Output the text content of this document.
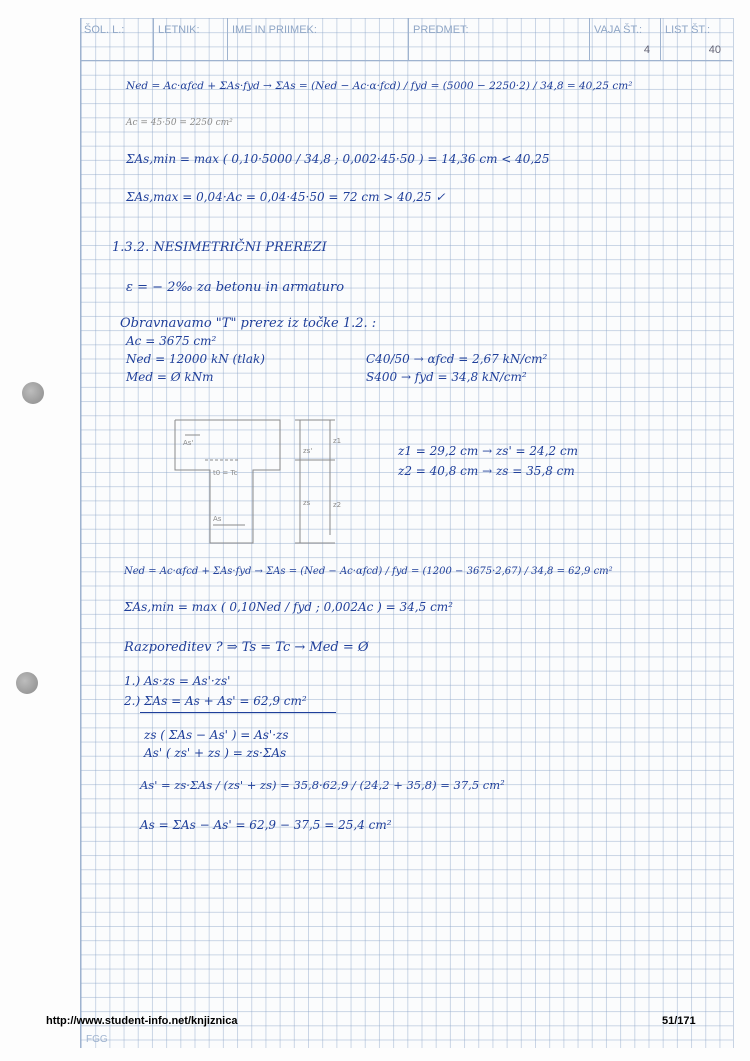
ŠOL. L.:	LETNIK:	IME IN PRIIMEK:	PREDMET:	VAJA ŠT.:
4
LIST ŠT.:
40
Ned = Ac·αfcd + ΣAs·fyd → ΣAs = (Ned − Ac·α·fcd) / fyd = (5000 − 2250·2) / 34,8 = 40,25 cm²
Ac = 45·50 = 2250 cm²
ΣAs,min = max ( 0,10·5000 / 34,8 ; 0,002·45·50 ) = 14,36 cm < 40,25
ΣAs,max = 0,04·Ac = 0,04·45·50 = 72 cm > 40,25 ✓
1.3.2. NESIMETRIČNI PREREZI
ε = − 2‰ za betonu in armaturo
Obravnavamo "T" prerez iz točke 1.2. :
Ac = 3675 cm²
Ned = 12000 kN (tlak)	C40/50 → αfcd = 2,67 kN/cm²
Med = Ø kNm	S400 → fyd = 34,8 kN/cm²
As'
t0 = Tc
As
z1
zs'
z2
zs
z1 = 29,2 cm → zs' = 24,2 cm
z2 = 40,8 cm → zs = 35,8 cm
Ned = Ac·αfcd + ΣAs·fyd → ΣAs = (Ned − Ac·αfcd) / fyd = (1200 − 3675·2,67) / 34,8 = 62,9 cm²
ΣAs,min = max ( 0,10Ned / fyd ; 0,002Ac ) = 34,5 cm²
Razporeditev ? ⇒ Ts = Tc → Med = Ø
1.) As·zs = As'·zs'
2.) ΣAs = As + As' = 62,9 cm²
zs ( ΣAs − As' ) = As'·zs
As' ( zs' + zs ) = zs·ΣAs
As' = zs·ΣAs / (zs' + zs) = 35,8·62,9 / (24,2 + 35,8) = 37,5 cm²
As = ΣAs − As' = 62,9 − 37,5 = 25,4 cm²
http://www.student-info.net/knjiznica	51/171
FGG
